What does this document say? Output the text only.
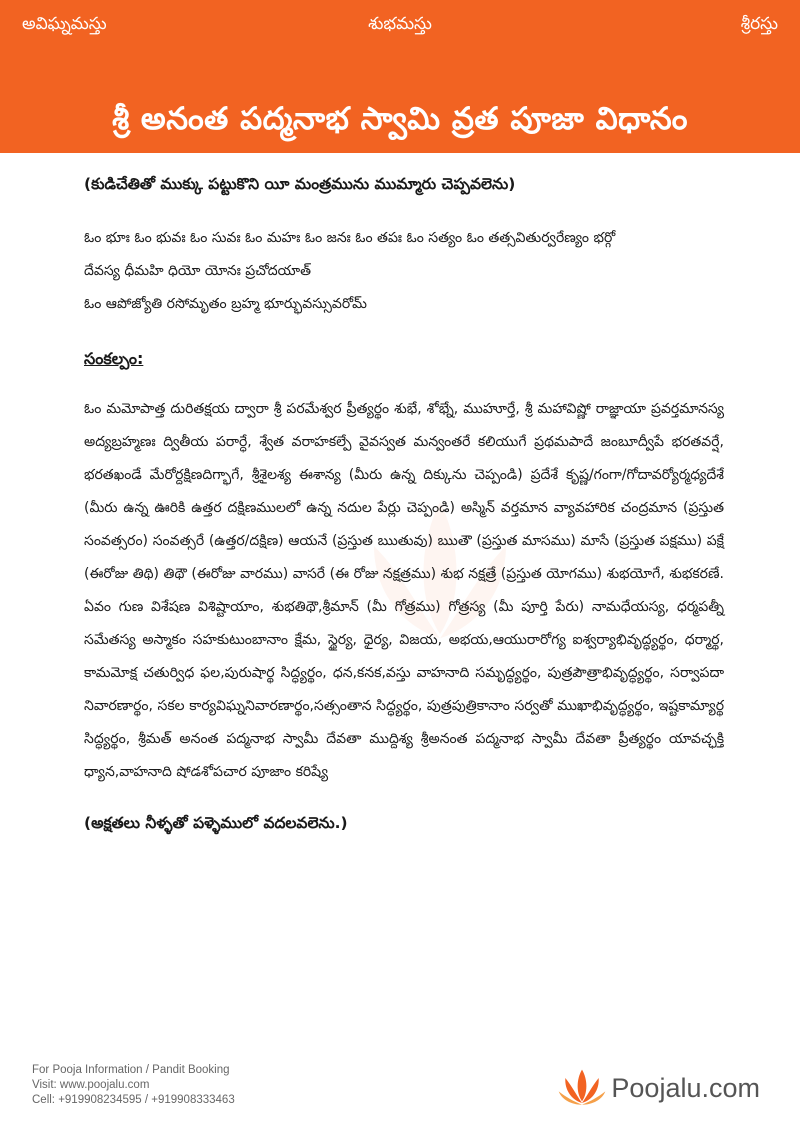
అవిఘ్నమస్తు	శుభమస్తు	శ్రీరస్తు
శ్రీ అనంత పద్మనాభ స్వామి వ్రత పూజా విధానం

(కుడిచేతితో ముక్కు పట్టుకొని యీ మంత్రమును ముమ్మారు చెప్పవలెను)

ఓం భూః ఓం భువః ఓం సువః ఓం మహః ఓం జనః ఓం తపః ఓం సత్యం ఓం తత్సవితుర్వరేణ్యం భర్గో

దేవస్య ధీమహి ధియో యోనః ప్రచోదయాత్

ఓం ఆపోజ్యోతి రసోమృతం బ్రహ్మ భూర్భువస్సువరోమ్

సంకల్పం:

ఓం మమోపాత్త దురితక్షయ ద్వారా శ్రీ పరమేశ్వర ప్రీత్యర్థం శుభే, శోభ్నే, ముహూర్తే, శ్రీ మహావిష్ణో రాజ్ఞాయా ప్రవర్తమానస్య అద్యబ్రహ్మణః ద్వితీయ పరార్ధే, శ్వేత వరాహకల్పే వైవస్వత మన్వంతరే కలియుగే ప్రథమపాదే జంబూద్వీపే భరతవర్షే, భరతఖండే మేరోర్దక్షిణదిగ్భాగే, శ్రీశైలశ్య ఈశాన్య (మీరు ఉన్న దిక్కును చెప్పండి) ప్రదేశే కృష్ణ/గంగా/గోదావర్యోర్మధ్యదేశే (మీరు ఉన్న ఊరికి ఉత్తర దక్షిణములలో ఉన్న నదుల పేర్లు చెప్పండి) అస్మిన్ వర్తమాన వ్యావహారిక చంద్రమాన (ప్రస్తుత సంవత్సరం) సంవత్సరే (ఉత్తర/దక్షిణ) ఆయనే (ప్రస్తుత ఋతువు) ఋతౌ (ప్రస్తుత మాసము) మాసే (ప్రస్తుత పక్షము) పక్షే (ఈరోజు తిథి) తిథౌ (ఈరోజు వారము) వాసరే (ఈ రోజు నక్షత్రము) శుభ నక్షత్రే (ప్రస్తుత యోగము) శుభయోగే, శుభకరణే. ఏవం గుణ విశేషణ విశిష్టాయాం, శుభతిథౌ,శ్రీమాన్ (మీ గోత్రము) గోత్రస్య (మీ పూర్తి పేరు) నామధేయస్య, ధర్మపత్నీ సమేతస్య అస్మాకం సహకుటుంబానాం క్షేమ, స్థైర్య, ధైర్య, విజయ, అభయ,ఆయురారోగ్య ఐశ్వర్యాభివృద్ధ్యర్థం, ధర్మార్థ, కామమోక్ష చతుర్విధ ఫల,పురుషార్థ సిద్ధ్యర్థం, ధన,కనక,వస్తు వాహనాది సమృద్ధ్యర్థం, పుత్రపౌత్రాభివృద్ధ్యర్థం, సర్వాపదా నివారణార్థం, సకల కార్యవిఘ్ననివారణార్థం,సత్సంతాన సిద్ధ్యర్థం, పుత్రపుత్రికానాం సర్వతో ముఖాభివృద్ధ్యర్థం, ఇష్టకామ్యార్థ సిద్ధ్యర్థం, శ్రీమత్ అనంత పద్మనాభ స్వామీ దేవతా ముద్దిశ్య శ్రీఅనంత పద్మనాభ స్వామీ దేవతా ప్రీత్యర్థం యావచ్ఛక్తి ధ్యాన,వాహనాది షోడశోపచార పూజాం కరిష్యే

(అక్షతలు నీళ్ళతో పళ్ళెములో వదలవలెను.)

For Pooja Information / Pandit Booking
Visit: www.poojalu.com
Cell: +919908234595 / +919908333463	Poojalu.com
